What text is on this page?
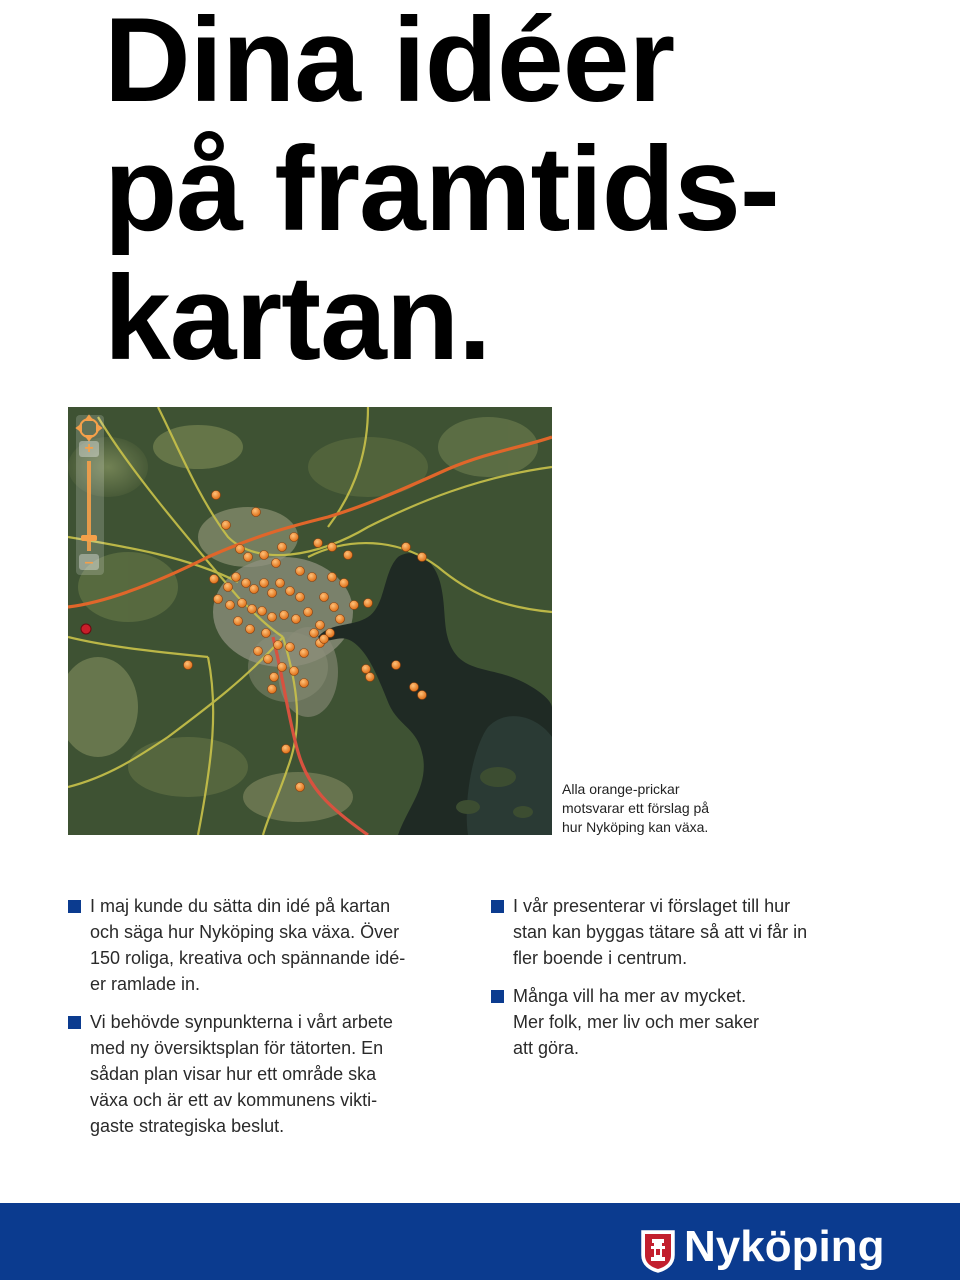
Dina idéer
på framtids-
kartan.
+
–
Alla orange-prickar
motsvarar ett förslag på
hur Nyköping kan växa.
I maj kunde du sätta din idé på kartan
och säga hur Nyköping ska växa. Över
150 roliga, kreativa och spännande idé-
er ramlade in.
Vi behövde synpunkterna i vårt arbete
med ny översiktsplan för tätorten. En
sådan plan visar hur ett område ska
växa och är ett av kommunens vikti-
gaste strategiska beslut.
I vår presenterar vi förslaget till hur
stan kan byggas tätare så att vi får in
fler boende i centrum.
Många vill ha mer av mycket.
Mer folk, mer liv och mer saker
att göra.
Nyköping
